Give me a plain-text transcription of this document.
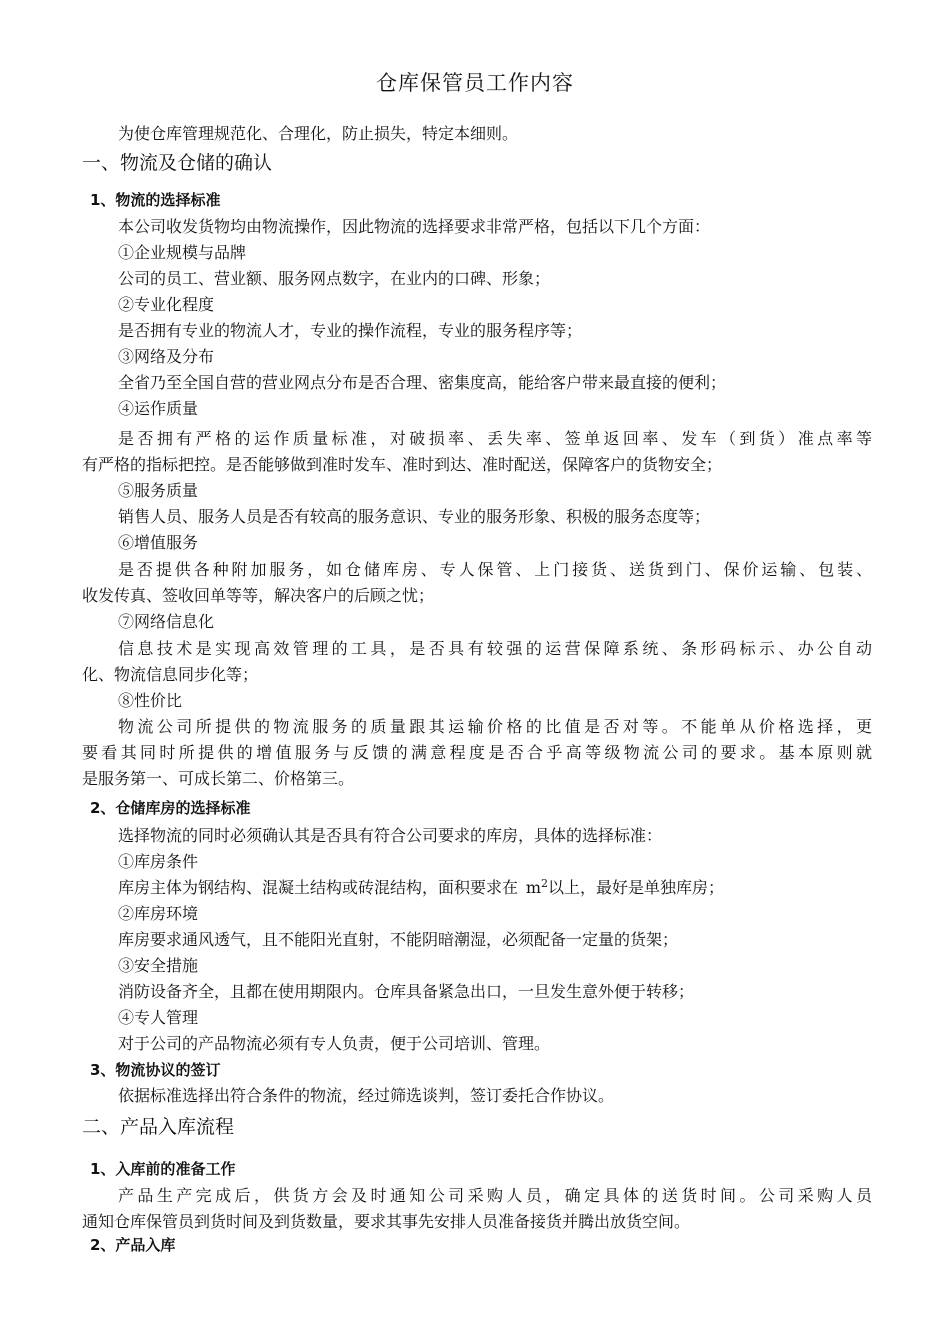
仓库保管员工作内容
为使仓库管理规范化、合理化，防止损失，特定本细则。
一、物流及仓储的确认
1、物流的选择标准
本公司收发货物均由物流操作，因此物流的选择要求非常严格，包括以下几个方面：
①企业规模与品牌
公司的员工、营业额、服务网点数字，在业内的口碑、形象；
②专业化程度
是否拥有专业的物流人才，专业的操作流程，专业的服务程序等；
③网络及分布
全省乃至全国自营的营业网点分布是否合理、密集度高，能给客户带来最直接的便利；
④运作质量
是否拥有严格的运作质量标准，对破损率、丢失率、签单返回率、发车（到货）准点率等
有严格的指标把控。是否能够做到准时发车、准时到达、准时配送，保障客户的货物安全；
⑤服务质量
销售人员、服务人员是否有较高的服务意识、专业的服务形象、积极的服务态度等；
⑥增值服务
是否提供各种附加服务，如仓储库房、专人保管、上门接货、送货到门、保价运输、包装、
收发传真、签收回单等等，解决客户的后顾之忧；
⑦网络信息化
信息技术是实现高效管理的工具，是否具有较强的运营保障系统、条形码标示、办公自动
化、物流信息同步化等；
⑧性价比
物流公司所提供的物流服务的质量跟其运输价格的比值是否对等。不能单从价格选择，更
要看其同时所提供的增值服务与反馈的满意程度是否合乎高等级物流公司的要求。基本原则就
是服务第一、可成长第二、价格第三。
2、仓储库房的选择标准
选择物流的同时必须确认其是否具有符合公司要求的库房，具体的选择标准：
①库房条件
库房主体为钢结构、混凝土结构或砖混结构，面积要求在 $m^2$以上，最好是单独库房；
②库房环境
库房要求通风透气，且不能阳光直射，不能阴暗潮湿，必须配备一定量的货架；
③安全措施
消防设备齐全，且都在使用期限内。仓库具备紧急出口，一旦发生意外便于转移；
④专人管理
对于公司的产品物流必须有专人负责，便于公司培训、管理。
3、物流协议的签订
依据标准选择出符合条件的物流，经过筛选谈判，签订委托合作协议。
二、产品入库流程
1、入库前的准备工作
产品生产完成后，供货方会及时通知公司采购人员，确定具体的送货时间。公司采购人员
通知仓库保管员到货时间及到货数量，要求其事先安排人员准备接货并腾出放货空间。
2、产品入库
